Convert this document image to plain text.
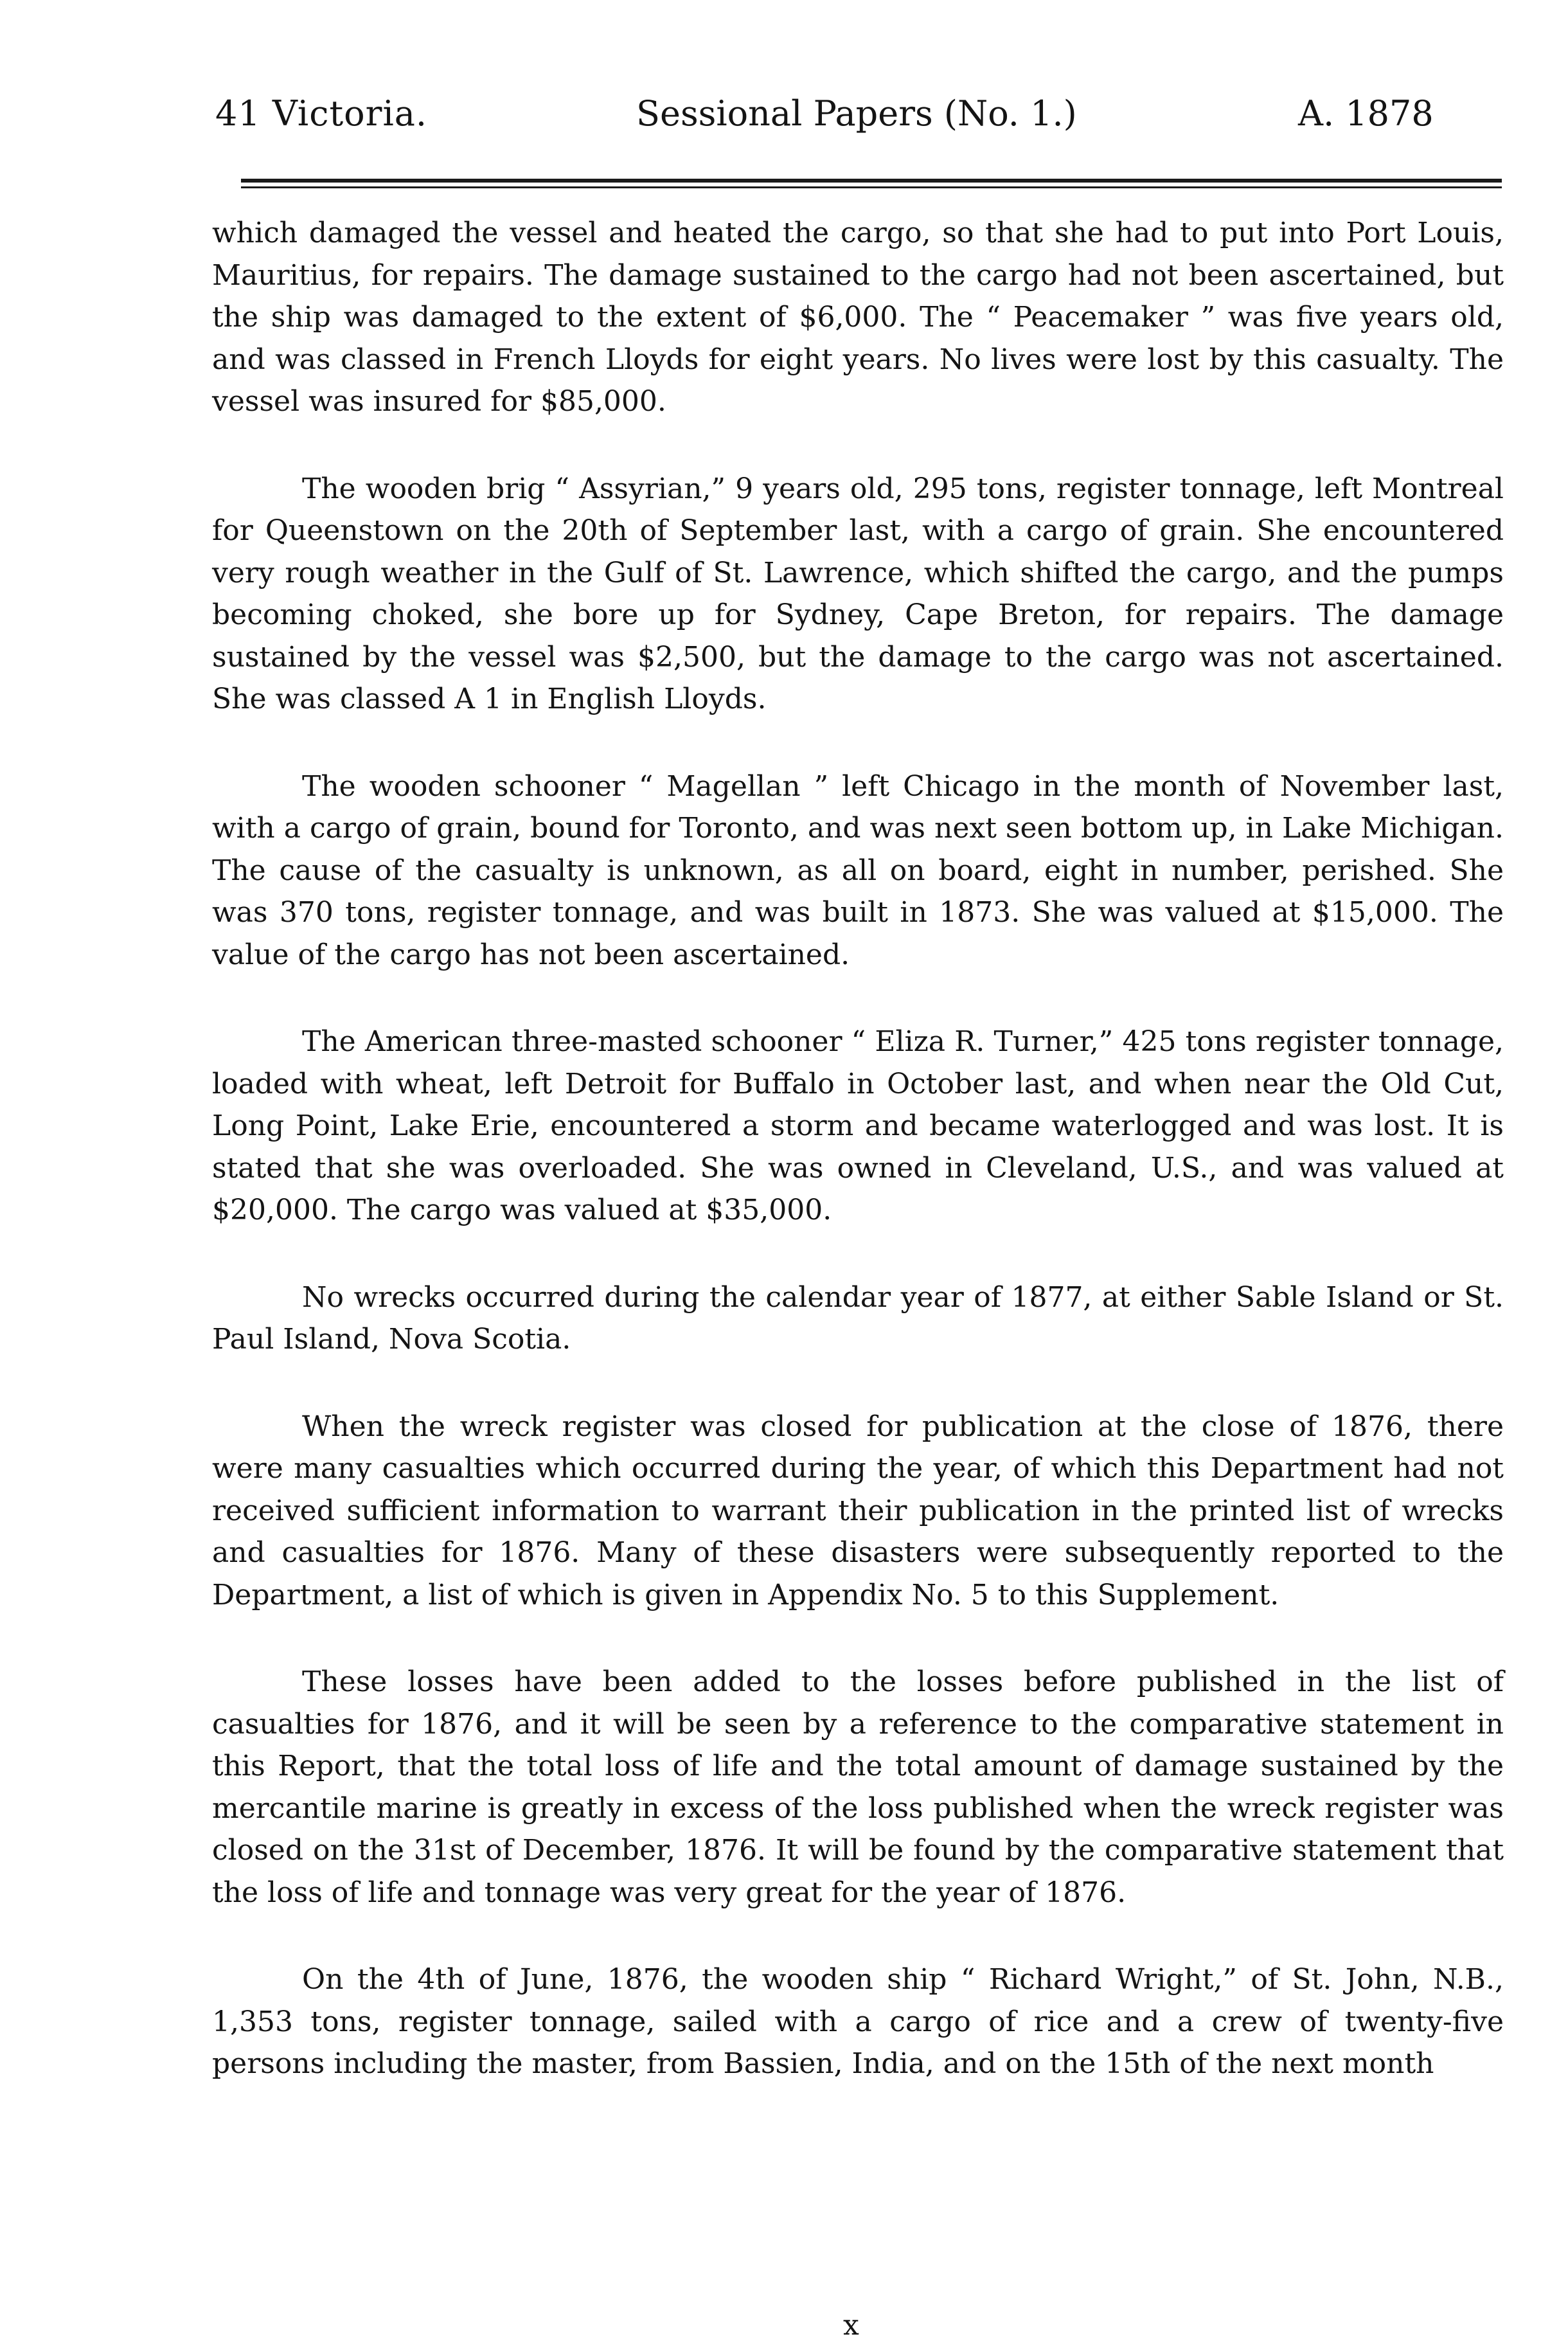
41 Victoria.	Sessional Papers (No. 1.)	A. 1878

which damaged the vessel and heated the cargo, so that she had to put into Port Louis, Mauritius, for repairs. The damage sustained to the cargo had not been ascertained, but the ship was damaged to the extent of $6,000. The “ Peacemaker ” was five years old, and was classed in French Lloyds for eight years. No lives were lost by this casualty. The vessel was insured for $85,000.

The wooden brig “ Assyrian,” 9 years old, 295 tons, register tonnage, left Montreal for Queenstown on the 20th of September last, with a cargo of grain. She encountered very rough weather in the Gulf of St. Lawrence, which shifted the cargo, and the pumps becoming choked, she bore up for Sydney, Cape Breton, for repairs. The damage sustained by the vessel was $2,500, but the damage to the cargo was not ascertained. She was classed A 1 in English Lloyds.

The wooden schooner “ Magellan ” left Chicago in the month of November last, with a cargo of grain, bound for Toronto, and was next seen bottom up, in Lake Michigan. The cause of the casualty is unknown, as all on board, eight in number, perished. She was 370 tons, register tonnage, and was built in 1873. She was valued at $15,000. The value of the cargo has not been ascertained.

The American three-masted schooner “ Eliza R. Turner,” 425 tons register tonnage, loaded with wheat, left Detroit for Buffalo in October last, and when near the Old Cut, Long Point, Lake Erie, encountered a storm and became waterlogged and was lost. It is stated that she was overloaded. She was owned in Cleveland, U.S., and was valued at $20,000. The cargo was valued at $35,000.

No wrecks occurred during the calendar year of 1877, at either Sable Island or St. Paul Island, Nova Scotia.

When the wreck register was closed for publication at the close of 1876, there were many casualties which occurred during the year, of which this Department had not received sufficient information to warrant their publication in the printed list of wrecks and casualties for 1876. Many of these disasters were subsequently reported to the Department, a list of which is given in Appendix No. 5 to this Supplement.

These losses have been added to the losses before published in the list of casualties for 1876, and it will be seen by a reference to the comparative statement in this Report, that the total loss of life and the total amount of damage sustained by the mercantile marine is greatly in excess of the loss published when the wreck register was closed on the 31st of December, 1876. It will be found by the comparative statement that the loss of life and tonnage was very great for the year of 1876.

On the 4th of June, 1876, the wooden ship “ Richard Wright,” of St. John, N.B., 1,353 tons, register tonnage, sailed with a cargo of rice and a crew of twenty-five persons including the master, from Bassien, India, and on the 15th of the next month

x
